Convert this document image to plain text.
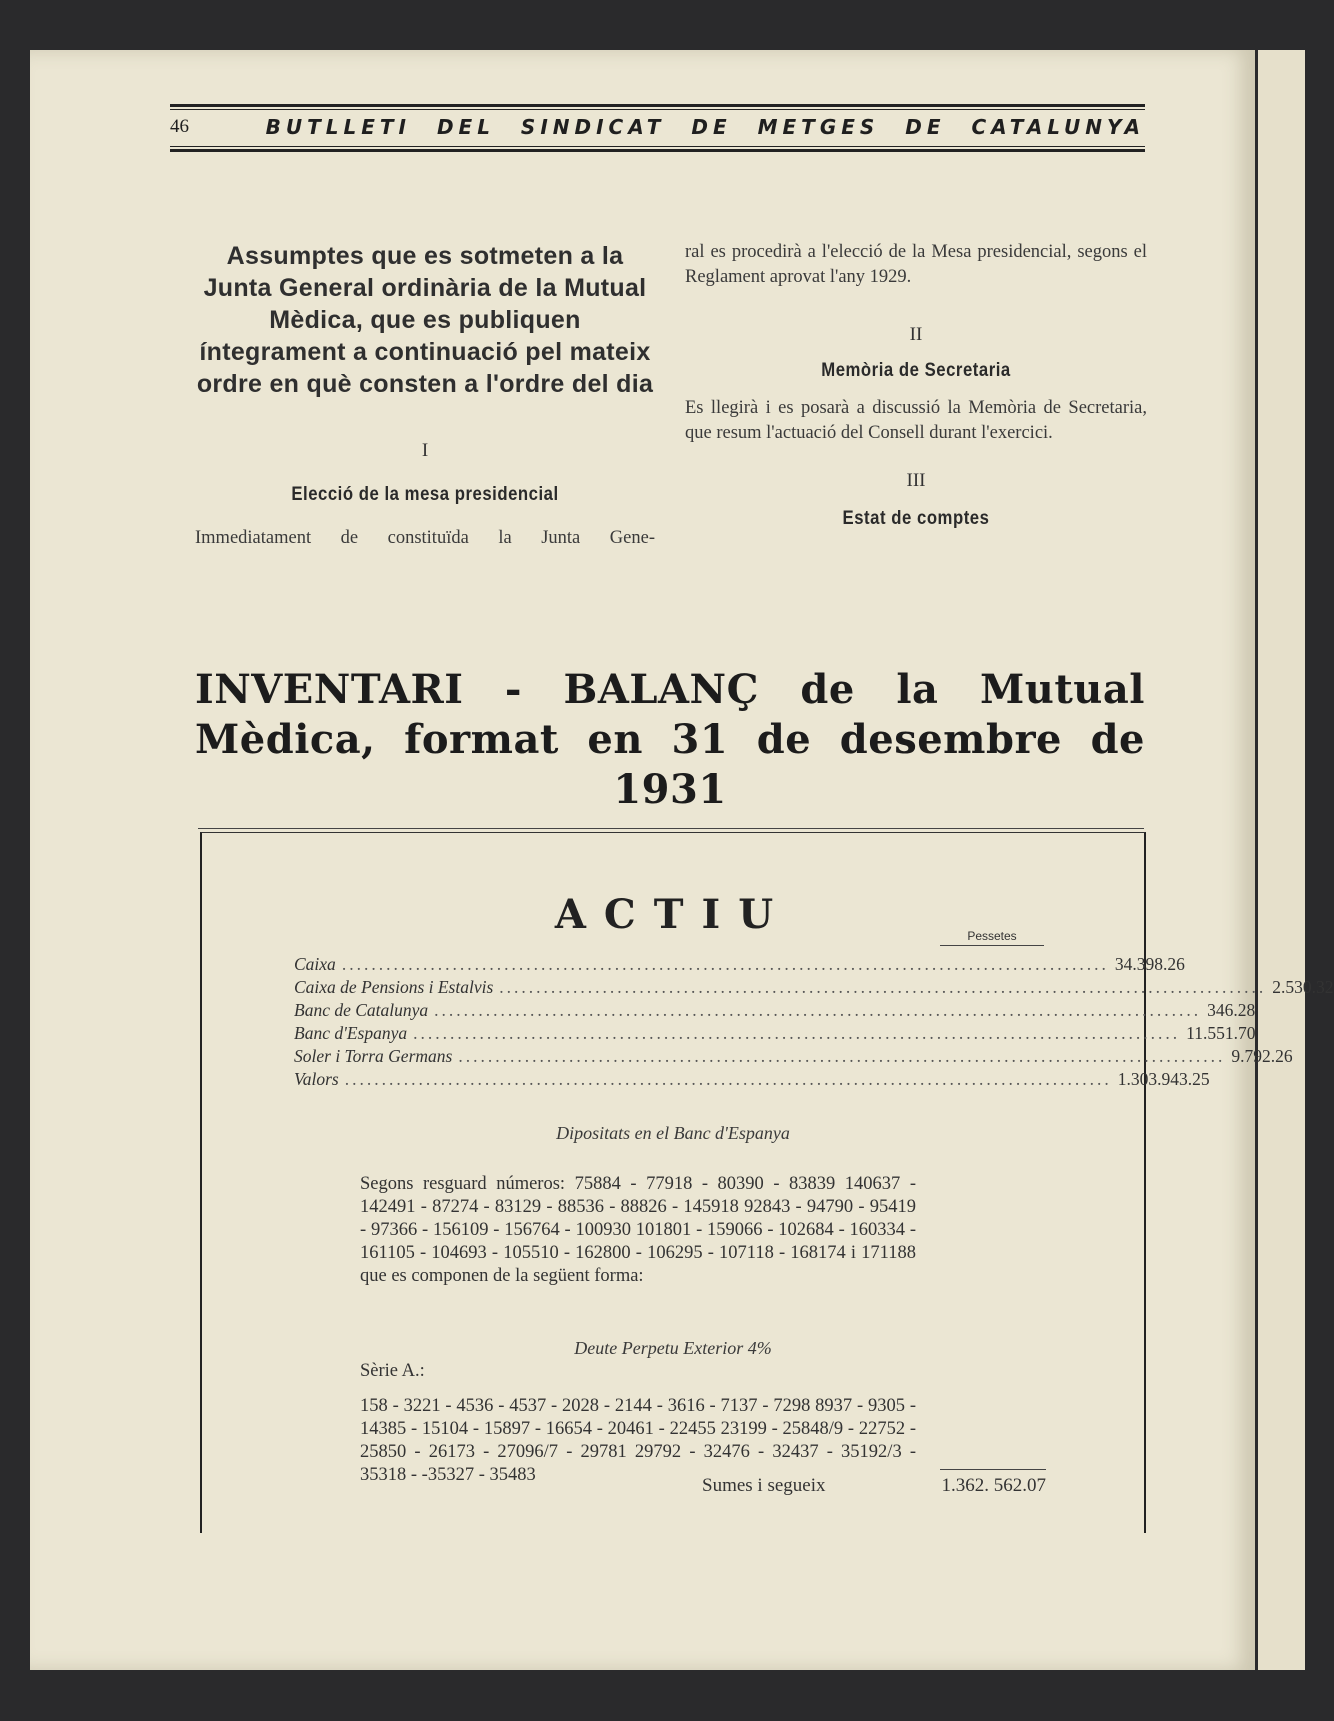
46	BUTLLETI DEL SINDICAT DE METGES DE CATALUNYA
Assumptes que es sotmeten a la Junta General ordinària de la Mutual Mèdica, que es publiquen íntegrament a continuació pel mateix ordre en què consten a l'ordre del dia
I
Elecció de la mesa presidencial
Immediatament de constituïda la Junta Gene-
ral es procedirà a l'elecció de la Mesa presidencial, segons el Reglament aprovat l'any 1929.
II
Memòria de Secretaria
Es llegirà i es posarà a discussió la Memòria de Secretaria, que resum l'actuació del Consell durant l'exercici.
III
Estat de comptes
INVENTARI - BALANÇ de la Mutual Mèdica, format en 31 de desembre de 1931
ACTIU	Pessetes
Caixa ........................................................................................................ 34.398.26
Caixa de Pensions i Estalvis ........................................................................................................ 2.530.32
Banc de Catalunya ........................................................................................................ 346.28
Banc d'Espanya ........................................................................................................ 11.551.70
Soler i Torra Germans ........................................................................................................ 9.792.26
Valors ........................................................................................................ 1.303.943.25
Dipositats en el Banc d'Espanya
Segons resguard números: 75884 - 77918 - 80390 - 83839 140637 - 142491 - 87274 - 83129 - 88536 - 88826 - 145918 92843 - 94790 - 95419 - 97366 - 156109 - 156764 - 100930 101801 - 159066 - 102684 - 160334 - 161105 - 104693 - 105510 - 162800 - 106295 - 107118 - 168174 i 171188 que es componen de la següent forma:
Deute Perpetu Exterior 4%
Sèrie A.:
158 - 3221 - 4536 - 4537 - 2028 - 2144 - 3616 - 7137 - 7298 8937 - 9305 - 14385 - 15104 - 15897 - 16654 - 20461 - 22455 23199 - 25848/9 - 22752 - 25850 - 26173 - 27096/7 - 29781 29792 - 32476 - 32437 - 35192/3 - 35318 - -35327 - 35483	Sumes i segueix	1.362. 562.07
